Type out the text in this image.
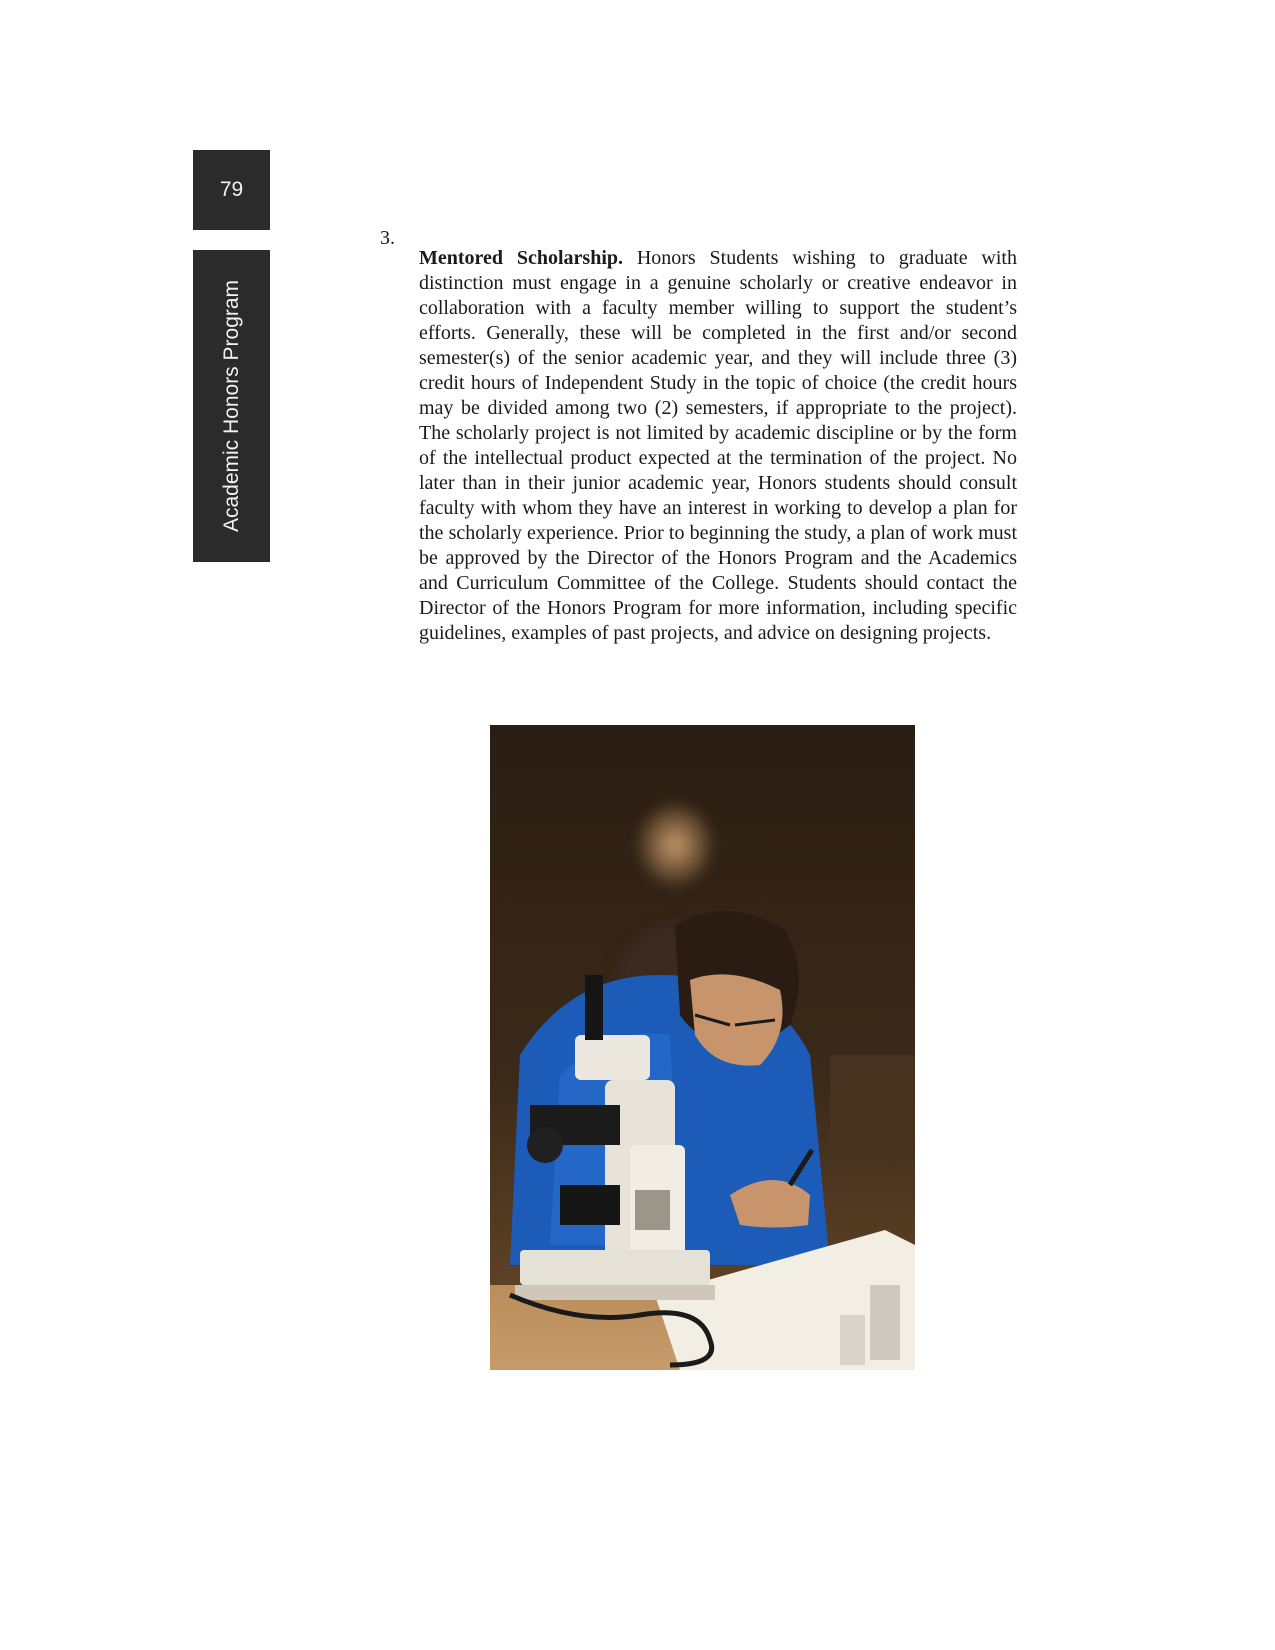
79
Academic Honors Program
3.

Mentored Scholarship. Honors Students wishing to graduate with distinction must engage in a genuine scholarly or creative endeavor in collaboration with a faculty member willing to support the student’s efforts. Generally, these will be completed in the first and/or second semester(s) of the senior academic year, and they will include three (3) credit hours of Independent Study in the topic of choice (the credit hours may be divided among two (2) semesters, if appropriate to the project). The scholarly project is not limited by academic discipline or by the form of the intellectual product expected at the termination of the project. No later than in their junior academic year, Honors students should consult faculty with whom they have an interest in working to develop a plan for the scholarly experience. Prior to beginning the study, a plan of work must be approved by the Director of the Honors Program and the Academics and Curriculum Committee of the College. Students should contact the Director of the Honors Program for more information, including specific guidelines, examples of past projects, and advice on designing projects.
